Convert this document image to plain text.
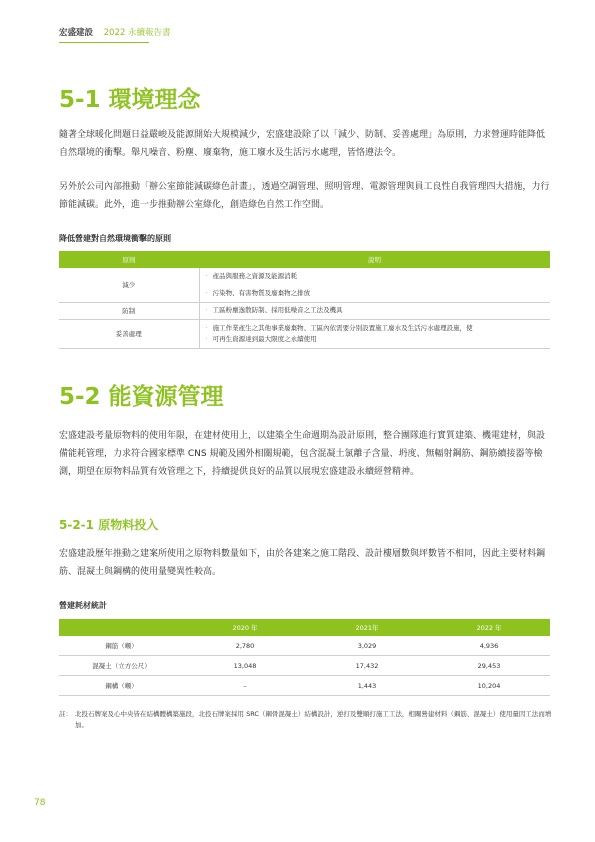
宏盛建設 2022 永續報告書
5-1 環境理念
隨著全球暖化問題日益嚴峻及能源開始大規模減少，宏盛建設除了以「減少、防制、妥善處理」為原則，力求營運時能降低自然環境的衝擊。舉凡噪音、粉塵、廢棄物，施工廢水及生活污水處理，皆恪遵法令。
另外於公司內部推動「辦公室節能減碳綠色計畫」，透過空調管理、照明管理、電源管理與員工良性自我管理四大措施，力行節能減碳。此外，進一步推動辦公室綠化，創造綠色自然工作空間。
降低營建對自然環境衝擊的原則
原則	說明
減少	· 產品與服務之資源及能源消耗
· 污染物、有害物質及廢棄物之排放

防制	· 工區粉塵逸散防制、採用低噪音之工法及機具

妥善處理	· 施工作業產生之其他事業廢棄物、工區內依需要分別設置施工廢水及生活污水處理設施，使
· 可再生資源達到最大限度之永續使用
5-2 能資源管理
宏盛建設考量原物料的使用年限，在建材使用上，以建築全生命週期為設計原則，整合團隊進行實質建築、機電建材，與設備能耗管理，力求符合國家標準 CNS 規範及國外相關規範，包含混凝土氯離子含量、坍度、無輻射鋼筋、鋼筋續接器等檢測，期望在原物料品質有效管理之下，持續提供良好的品質以展現宏盛建設永續經營精神。
5-2-1 原物料投入
宏盛建設歷年推動之建案所使用之原物料數量如下，由於各建案之施工階段、設計樓層數與坪數皆不相同，因此主要材料鋼筋、混凝土與鋼構的使用量變異性較高。
營建耗材統計
	2020 年	2021年	2022 年
鋼筋（噸）	2,780	3,029	4,936
混凝土（立方公尺）	13,048	17,432	29,453
鋼構（噸）	–	1,443	10,204
註： 北投石牌案及心中央皆在結構體構築施段，北投石牌案採用 SRC（鋼骨混凝土）結構設計，逆打及雙順打施工工法，相關營建材料（鋼筋、混凝土）使用量因工法而增加。
78
